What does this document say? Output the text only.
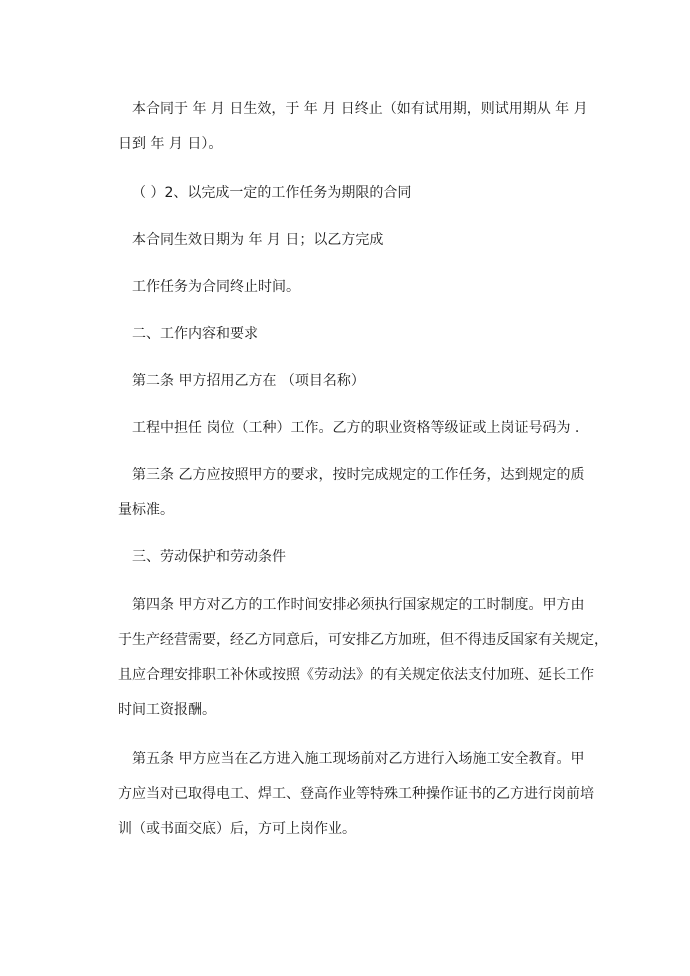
本合同于 年 月 日生效，于 年 月 日终止（如有试用期，则试用期从 年 月
日到 年 月 日）。
（ ）2、以完成一定的工作任务为期限的合同
本合同生效日期为 年 月 日；以乙方完成
工作任务为合同终止时间。
二、工作内容和要求
第二条 甲方招用乙方在 （项目名称）
工程中担任 岗位（工种）工作。乙方的职业资格等级证或上岗证号码为 .
第三条 乙方应按照甲方的要求，按时完成规定的工作任务，达到规定的质
量标准。
三、劳动保护和劳动条件
第四条 甲方对乙方的工作时间安排必须执行国家规定的工时制度。甲方由
于生产经营需要，经乙方同意后，可安排乙方加班，但不得违反国家有关规定，
且应合理安排职工补休或按照《劳动法》的有关规定依法支付加班、延长工作
时间工资报酬。
第五条 甲方应当在乙方进入施工现场前对乙方进行入场施工安全教育。甲
方应当对已取得电工、焊工、登高作业等特殊工种操作证书的乙方进行岗前培
训（或书面交底）后，方可上岗作业。
